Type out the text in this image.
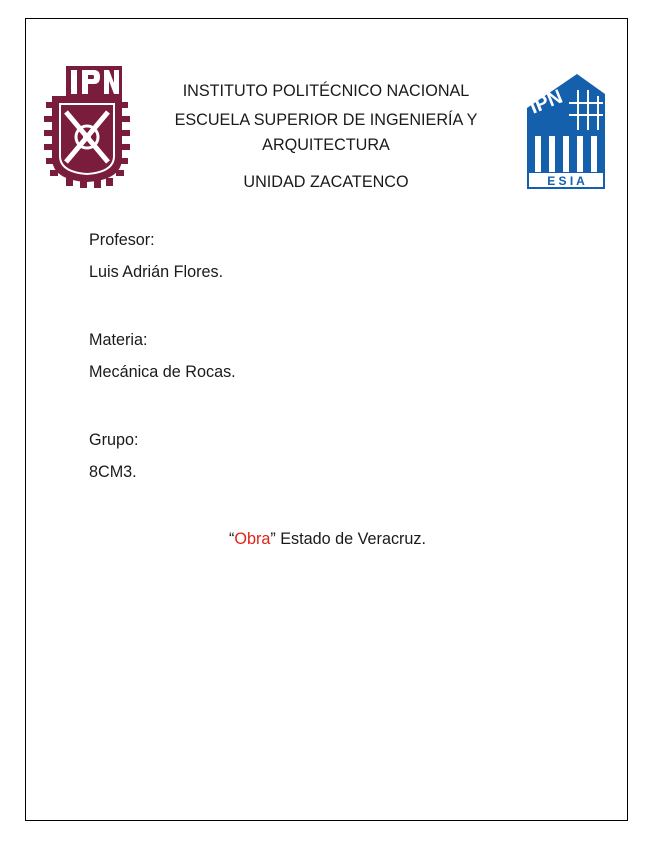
INSTITUTO POLITÉCNICO NACIONAL
ESCUELA SUPERIOR DE INGENIERÍA Y
ARQUITECTURA
UNIDAD ZACATENCO
IPN
E S I A
Profesor:
Luis Adrián Flores.
Materia:
Mecánica de Rocas.
Grupo:
8CM3.
“Obra” Estado de Veracruz.
